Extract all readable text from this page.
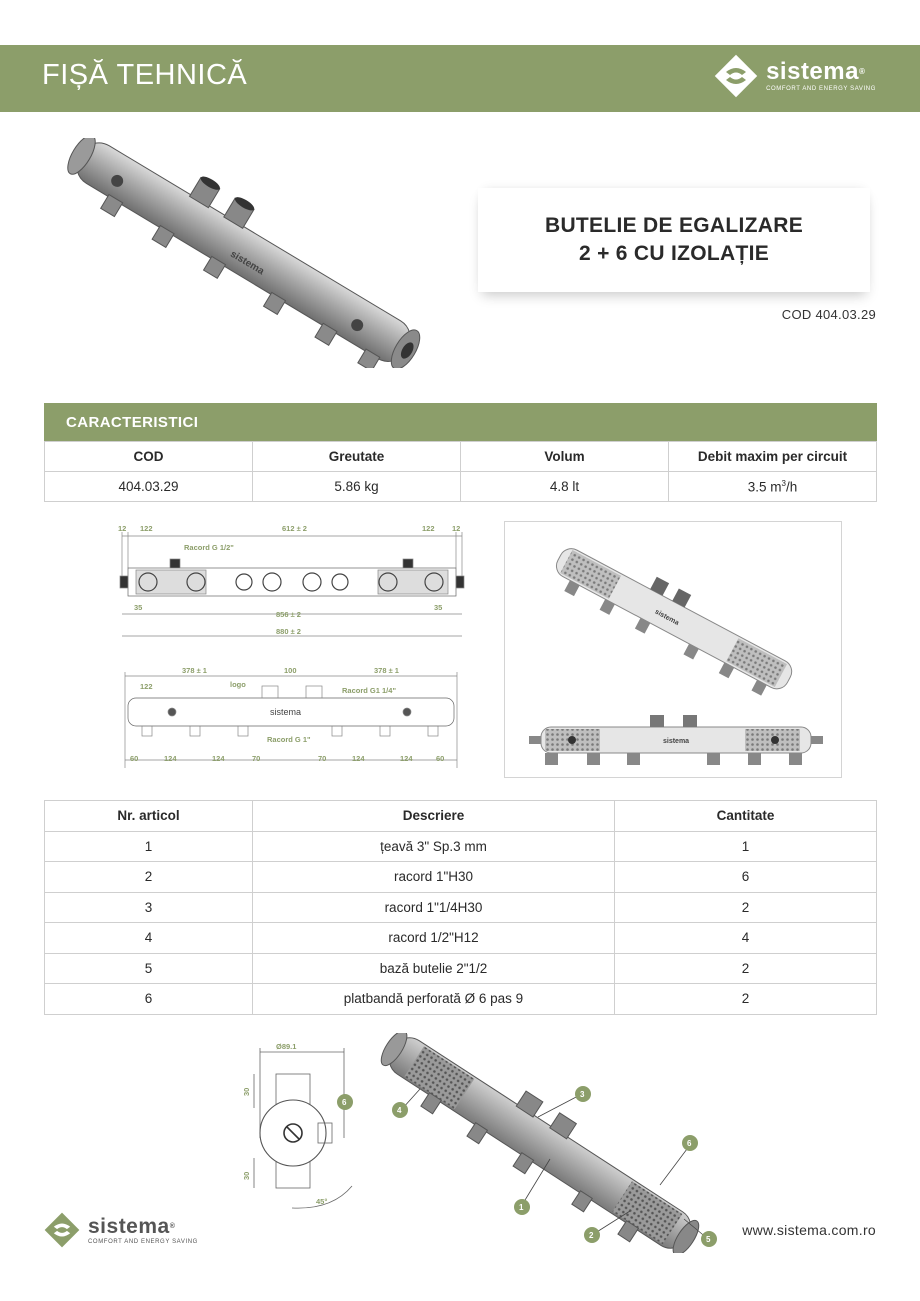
FIȘĂ TEHNICĂ	sistema®
COMFORT AND ENERGY SAVING
sistema
BUTELIE DE EGALIZARE
2 + 6 CU IZOLAȚIE
COD 404.03.29
CARACTERISTICI
COD	Greutate	Volum	Debit maxim per circuit
404.03.29	5.86 kg	4.8 lt	3.5 $m^3/h$
12 122	612 ± 2	122 12
Racord G 1/2"
35	35
856 ± 2
880 ± 2
378 ± 1	100	378 ± 1
122	logo
Racord G1 1/4"
sistema
Racord G 1"
60	124	124	70	70	124	124	60
sistema
sistema
Nr. articol	Descriere	Cantitate
1	țeavă 3" Sp.3 mm	1
2	racord 1"H30	6
3	racord 1"1/4H30	2
4	racord 1/2"H12	4
5	bază butelie 2"1/2	2
6	platbandă perforată Ø 6 pas 9	2
Ø89.1
30
30
45°
6
4
3
6
1
2	5
sistema®
COMFORT AND ENERGY SAVING
www.sistema.com.ro
